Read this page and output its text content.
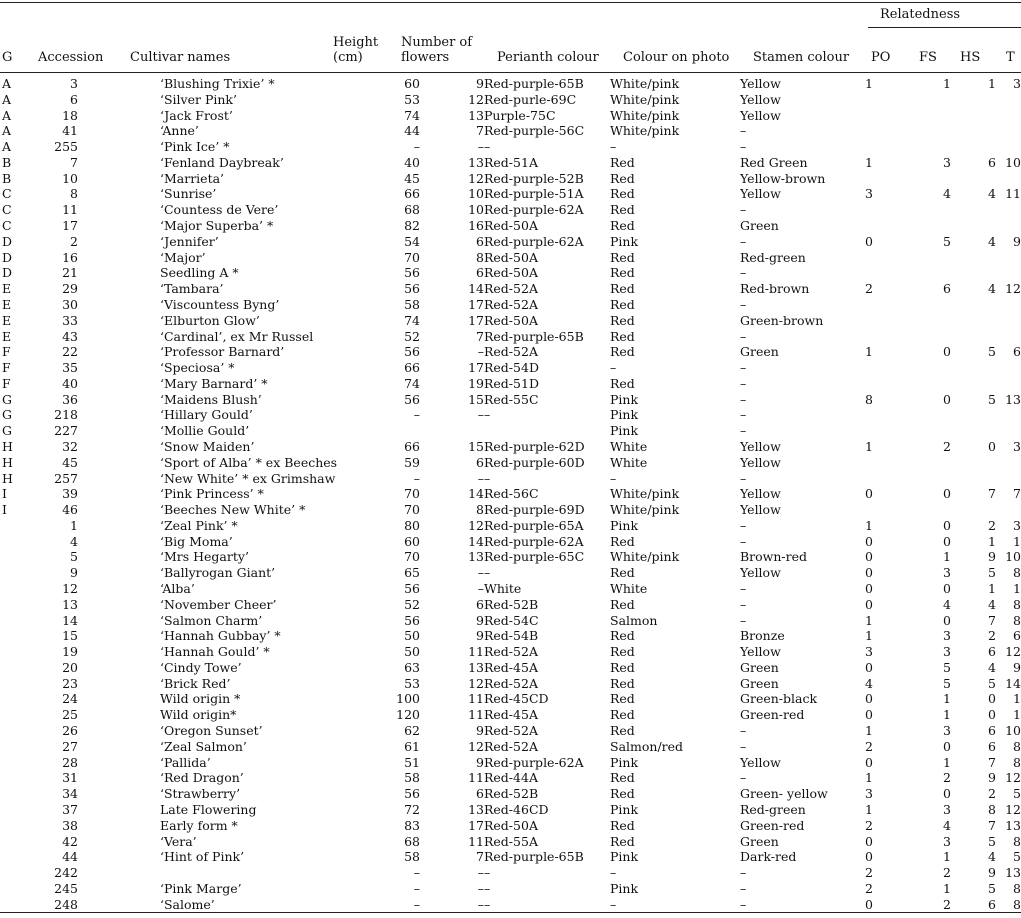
Relatedness
G Accession Cultivar names
Height
(cm)
Number of
flowers	Perianth colour Colour on photo Stamen colour PO FS HS T
A	3		‘Blushing Trixie’ *		60	9	Red-purple-65B	White/pink	Yellow		1	1	1	3
A	6		‘Silver Pink’		53	12	Red-purle-69C	White/pink	Yellow					
A	18		‘Jack Frost’		74	13	Purple-75C	White/pink	Yellow					
A	41		‘Anne’		44	7	Red-purple-56C	White/pink	–					
A	255		‘Pink Ice’ *		–	–	–	–	–					
B	7		‘Fenland Daybreak’		40	13	Red-51A	Red	Red Green		1	3	6	10
B	10		‘Marrieta’		45	12	Red-purple-52B	Red	Yellow-brown					
C	8		‘Sunrise’		66	10	Red-purple-51A	Red	Yellow		3	4	4	11
C	11		‘Countess de Vere’		68	10	Red-purple-62A	Red	–					
C	17		‘Major Superba’ *		82	16	Red-50A	Red	Green					
D	2		‘Jennifer’		54	6	Red-purple-62A	Pink	–		0	5	4	9
D	16		‘Major’		70	8	Red-50A	Red	Red-green					
D	21		Seedling A *		56	6	Red-50A	Red	–					
E	29		‘Tambara’		56	14	Red-52A	Red	Red-brown		2	6	4	12
E	30		‘Viscountess Byng’		58	17	Red-52A	Red	–					
E	33		‘Elburton Glow’		74	17	Red-50A	Red	Green-brown					
E	43		‘Cardinal’, ex Mr Russel		52	7	Red-purple-65B	Red	–					
F	22		‘Professor Barnard’		56	–	Red-52A	Red	Green		1	0	5	6
F	35		‘Speciosa’ *		66	17	Red-54D	–	–					
F	40		‘Mary Barnard’ *		74	19	Red-51D	Red	–					
G	36		‘Maidens Blush’		56	15	Red-55C	Pink	–		8	0	5	13
G	218		‘Hillary Gould’		–	–	–	Pink	–					
G	227		‘Mollie Gould’					Pink	–					
H	32		‘Snow Maiden’		66	15	Red-purple-62D	White	Yellow		1	2	0	3
H	45		‘Sport of Alba’ * ex Beeches		59	6	Red-purple-60D	White	Yellow					
H	257		‘New White’ * ex Grimshaw		–	–	–	–	–					
I	39		‘Pink Princess’ *		70	14	Red-56C	White/pink	Yellow		0	0	7	7
I	46		‘Beeches New White’ *		70	8	Red-purple-69D	White/pink	Yellow					
	1		‘Zeal Pink’ *		80	12	Red-purple-65A	Pink	–		1	0	2	3
	4		‘Big Moma’		60	14	Red-purple-62A	Red	–		0	0	1	1
	5		‘Mrs Hegarty’		70	13	Red-purple-65C	White/pink	Brown-red		0	1	9	10
	9		‘Ballyrogan Giant’		65	–	–	Red	Yellow		0	3	5	8
	12		‘Alba’		56	–	White	White	–		0	0	1	1
	13		‘November Cheer’		52	6	Red-52B	Red	–		0	4	4	8
	14		‘Salmon Charm’		56	9	Red-54C	Salmon	–		1	0	7	8
	15		‘Hannah Gubbay’ *		50	9	Red-54B	Red	Bronze		1	3	2	6
	19		‘Hannah Gould’ *		50	11	Red-52A	Red	Yellow		3	3	6	12
	20		‘Cindy Towe’		63	13	Red-45A	Red	Green		0	5	4	9
	23		‘Brick Red’		53	12	Red-52A	Red	Green		4	5	5	14
	24		Wild origin *		100	11	Red-45CD	Red	Green-black		0	1	0	1
	25		Wild origin*		120	11	Red-45A	Red	Green-red		0	1	0	1
	26		‘Oregon Sunset’		62	9	Red-52A	Red	–		1	3	6	10
	27		‘Zeal Salmon’		61	12	Red-52A	Salmon/red	–		2	0	6	8
	28		‘Pallida’		51	9	Red-purple-62A	Pink	Yellow		0	1	7	8
	31		‘Red Dragon’		58	11	Red-44A	Red	–		1	2	9	12
	34		‘Strawberry’		56	6	Red-52B	Red	Green- yellow		3	0	2	5
	37		Late Flowering		72	13	Red-46CD	Pink	Red-green		1	3	8	12
	38		Early form *		83	17	Red-50A	Red	Green-red		2	4	7	13
	42		‘Vera’		68	11	Red-55A	Red	Green		0	3	5	8
	44		‘Hint of Pink’		58	7	Red-purple-65B	Pink	Dark-red		0	1	4	5
	242				–	–	–	–	–		2	2	9	13
	245		‘Pink Marge’		–	–	–	Pink	–		2	1	5	8
	248		‘Salome’		–	–	–	–	–		0	2	6	8
